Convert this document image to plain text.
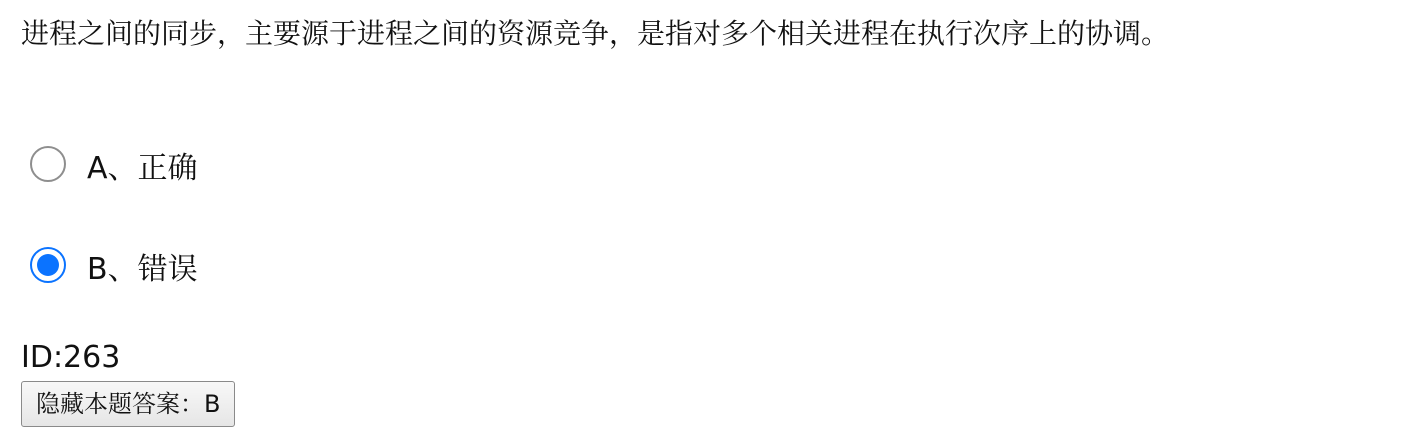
进程之间的同步，主要源于进程之间的资源竞争，是指对多个相关进程在执行次序上的协调。
A、正确
B、错误
ID:263
隐藏本题答案：B
